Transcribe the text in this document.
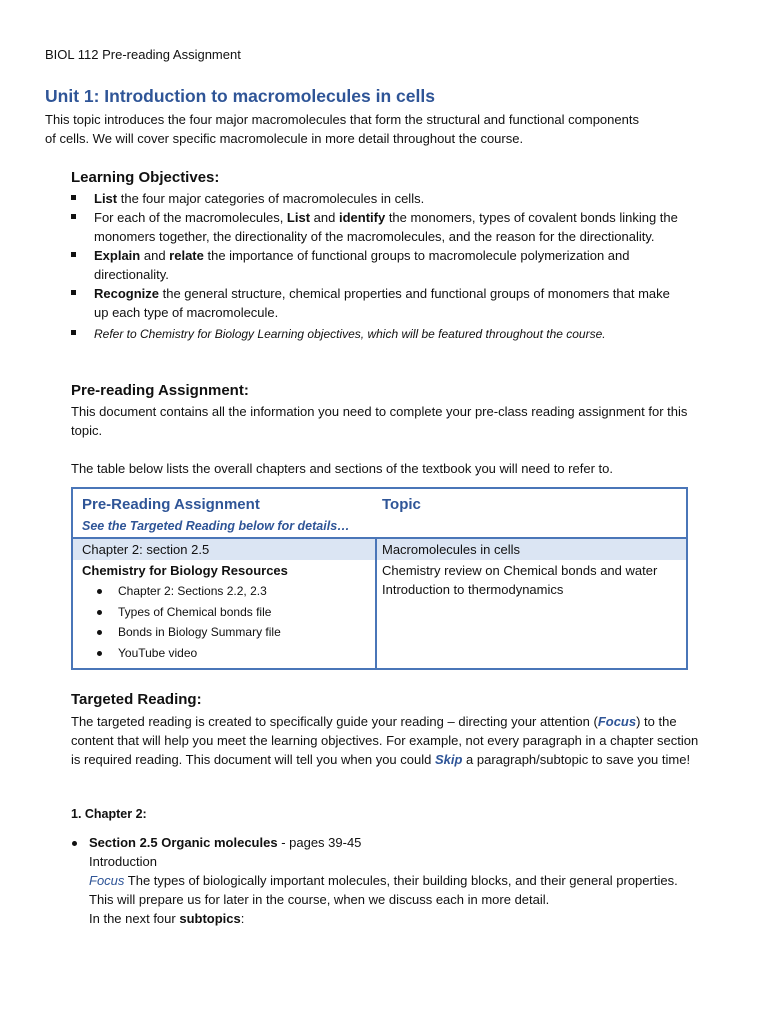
BIOL 112 Pre-reading Assignment
Unit 1: Introduction to macromolecules in cells
This topic introduces the four major macromolecules that form the structural and functional components
of cells. We will cover specific macromolecule in more detail throughout the course.
Learning Objectives:
List the four major categories of macromolecules in cells.
For each of the macromolecules, List and identify the monomers, types of covalent bonds linking the monomers together, the directionality of the macromolecules, and the reason for the directionality.
Explain and relate the importance of functional groups to macromolecule polymerization and directionality.
Recognize the general structure, chemical properties and functional groups of monomers that make up each type of macromolecule.
Refer to Chemistry for Biology Learning objectives, which will be featured throughout the course.
Pre-reading Assignment:
This document contains all the information you need to complete your pre-class reading assignment for this topic.
The table below lists the overall chapters and sections of the textbook you will need to refer to.
Pre-Reading Assignment
See the Targeted Reading below for details…
Topic
Chapter 2: section 2.5	Macromolecules in cells
Chemistry for Biology Resources
Chapter 2: Sections 2.2, 2.3
Types of Chemical bonds file
Bonds in Biology Summary file
YouTube video
Chemistry review on Chemical bonds and water
Introduction to thermodynamics
Targeted Reading:
The targeted reading is created to specifically guide your reading – directing your attention (Focus) to the content that will help you meet the learning objectives. For example, not every paragraph in a chapter section is required reading. This document will tell you when you could Skip a paragraph/subtopic to save you time!
1. Chapter 2:
Section 2.5 Organic molecules - pages 39-45
Introduction
Focus The types of biologically important molecules, their building blocks, and their general properties. This will prepare us for later in the course, when we discuss each in more detail.
In the next four subtopics:
